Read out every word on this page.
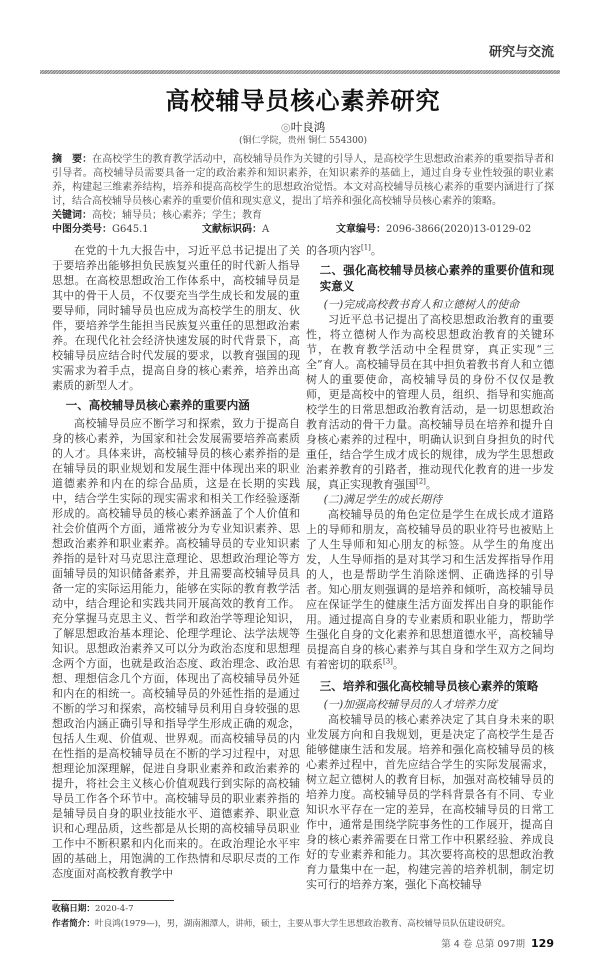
研究与交流
高校辅导员核心素养研究
◎叶良鸿
(铜仁学院，贵州 铜仁 554300)
摘　要：在高校学生的教育教学活动中，高校辅导员作为关键的引导人，是高校学生思想政治素养的重要指导者和引导者。高校辅导员需要具备一定的政治素养和知识素养，在知识素养的基础上，通过自身专业性较强的职业素养，构建起三维素养结构，培养和提高高校学生的思想政治觉悟。本文对高校辅导员核心素养的重要内涵进行了探讨，结合高校辅导员核心素养的重要价值和现实意义，提出了培养和强化高校辅导员核心素养的策略。
关键词：高校；辅导员；核心素养；学生；教育
中图分类号：G645.1	文献标识码：A	文章编号：2096-3866(2020)13-0129-02

在党的十九大报告中，习近平总书记提出了关于要培养出能够担负民族复兴重任的时代新人指导思想。在高校思想政治工作体系中，高校辅导员是其中的骨干人员，不仅要充当学生成长和发展的重要导师，同时辅导员也应成为高校学生的朋友、伙伴，要培养学生能担当民族复兴重任的思想政治素养。在现代化社会经济快速发展的时代背景下，高校辅导员应结合时代发展的要求，以教育强国的现实需求为着手点，提高自身的核心素养，培养出高素质的新型人才。

一、高校辅导员核心素养的重要内涵

高校辅导员应不断学习和探索，致力于提高自身的核心素养，为国家和社会发展需要培养高素质的人才。具体来讲，高校辅导员的核心素养指的是在辅导员的职业规划和发展生涯中体现出来的职业道德素养和内在的综合品质，这是在长期的实践中，结合学生实际的现实需求和相关工作经验逐渐形成的。高校辅导员的核心素养涵盖了个人价值和社会价值两个方面，通常被分为专业知识素养、思想政治素养和职业素养。高校辅导员的专业知识素养指的是针对马克思注意理论、思想政治理论等方面辅导员的知识储备素养，并且需要高校辅导员具备一定的实际运用能力，能够在实际的教育教学活动中，结合理论和实践共同开展高效的教育工作。充分掌握马克思主义、哲学和政治学等理论知识，了解思想政治基本理论、伦理学理论、法学法规等知识。思想政治素养又可以分为政治态度和思想理念两个方面，也就是政治态度、政治理念、政治思想、理想信念几个方面，体现出了高校辅导员外延和内在的相统一。高校辅导员的外延性指的是通过不断的学习和探索，高校辅导员利用自身较强的思想政治内涵正确引导和指导学生形成正确的观念，包括人生观、价值观、世界观。而高校辅导员的内在性指的是高校辅导员在不断的学习过程中，对思想理论加深理解，促进自身职业素养和政治素养的提升，将社会主义核心价值观践行到实际的高校辅导员工作各个环节中。高校辅导员的职业素养指的是辅导员自身的职业技能水平、道德素养、职业意识和心理品质，这些都是从长期的高校辅导员职业工作中不断积累和内化而来的。在政治理论水平牢固的基础上，用饱满的工作热情和尽职尽责的工作态度面对高校教育教学中

的各项内容[1]。

二、强化高校辅导员核心素养的重要价值和现实意义
(一)完成高校教书育人和立德树人的使命

习近平总书记提出了高校思想政治教育的重要性，将立德树人作为高校思想政治教育的关键环节，在教育教学活动中全程贯穿，真正实现“三全”育人。高校辅导员在其中担负着教书育人和立德树人的重要使命，高校辅导员的身份不仅仅是教师，更是高校中的管理人员，组织、指导和实施高校学生的日常思想政治教育活动，是一切思想政治教育活动的骨干力量。高校辅导员在培养和提升自身核心素养的过程中，明确认识到自身担负的时代重任，结合学生成才成长的规律，成为学生思想政治素养教育的引路者，推动现代化教育的进一步发展，真正实现教育强国[2]。

(二)满足学生的成长期待

高校辅导员的角色定位是学生在成长成才道路上的导师和朋友，高校辅导员的职业符号也被贴上了人生导师和知心朋友的标签。从学生的角度出发，人生导师指的是对其学习和生活发挥指导作用的人，也是帮助学生消除迷惘、正确选择的引导者。知心朋友则强调的是培养和倾听，高校辅导员应在保证学生的健康生活方面发挥出自身的职能作用。通过提高自身的专业素质和职业能力，帮助学生强化自身的文化素养和思想道德水平，高校辅导员提高自身的核心素养与其自身和学生双方之间均有着密切的联系[3]。

三、培养和强化高校辅导员核心素养的策略
(一)加强高校辅导员的人才培养力度

高校辅导员的核心素养决定了其自身未来的职业发展方向和自我规划，更是决定了高校学生是否能够健康生活和发展。培养和强化高校辅导员的核心素养过程中，首先应结合学生的实际发展需求，树立起立德树人的教育目标，加强对高校辅导员的培养力度。高校辅导员的学科背景各有不同、专业知识水平存在一定的差异，在高校辅导员的日常工作中，通常是围绕学院事务性的工作展开，提高自身的核心素养需要在日常工作中积累经验、养成良好的专业素养和能力。其次要将高校的思想政治教育力量集中在一起，构建完善的培养机制，制定切实可行的培养方案，强化下高校辅导

收稿日期：2020-4-7
作者简介：叶良鸿(1979—)，男，湖南湘潭人，讲师，硕士，主要从事大学生思想政治教育、高校辅导员队伍建设研究。
第 4 卷 总第 097期 129
